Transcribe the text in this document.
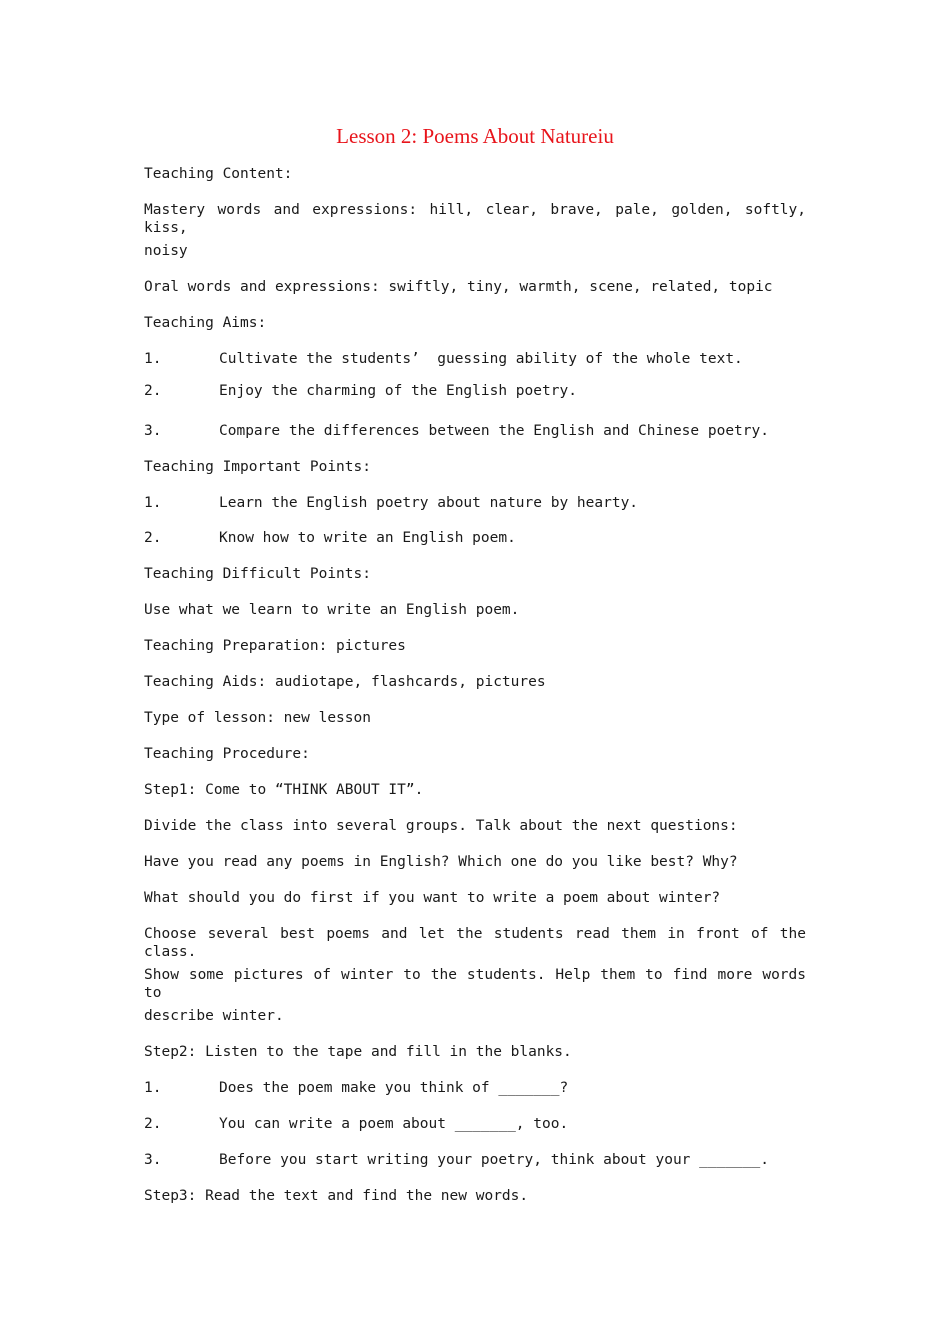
Lesson 2: Poems About Natureiu

Teaching Content:

Mastery words and expressions: hill, clear, brave, pale, golden, softly, kiss,

noisy

Oral words and expressions: swiftly, tiny, warmth, scene, related, topic

Teaching Aims:

1.	Cultivate the students’  guessing ability of the whole text.

2.	Enjoy the charming of the English poetry.

3.	Compare the differences between the English and Chinese poetry.

Teaching Important Points:

1.	Learn the English poetry about nature by hearty.

2.	Know how to write an English poem.

Teaching Difficult Points:

Use what we learn to write an English poem.

Teaching Preparation: pictures

Teaching Aids: audiotape, flashcards, pictures

Type of lesson: new lesson

Teaching Procedure:

Step1: Come to “THINK ABOUT IT”.

Divide the class into several groups. Talk about the next questions:

Have you read any poems in English? Which one do you like best? Why?

What should you do first if you want to write a poem about winter?

Choose several best poems and let the students read them in front of the class.

Show some pictures of winter to the students. Help them to find more words to

describe winter.

Step2: Listen to the tape and fill in the blanks.

1.	Does the poem make you think of _______?

2.	You can write a poem about _______, too.

3.	Before you start writing your poetry, think about your _______.

Step3: Read the text and find the new words.
